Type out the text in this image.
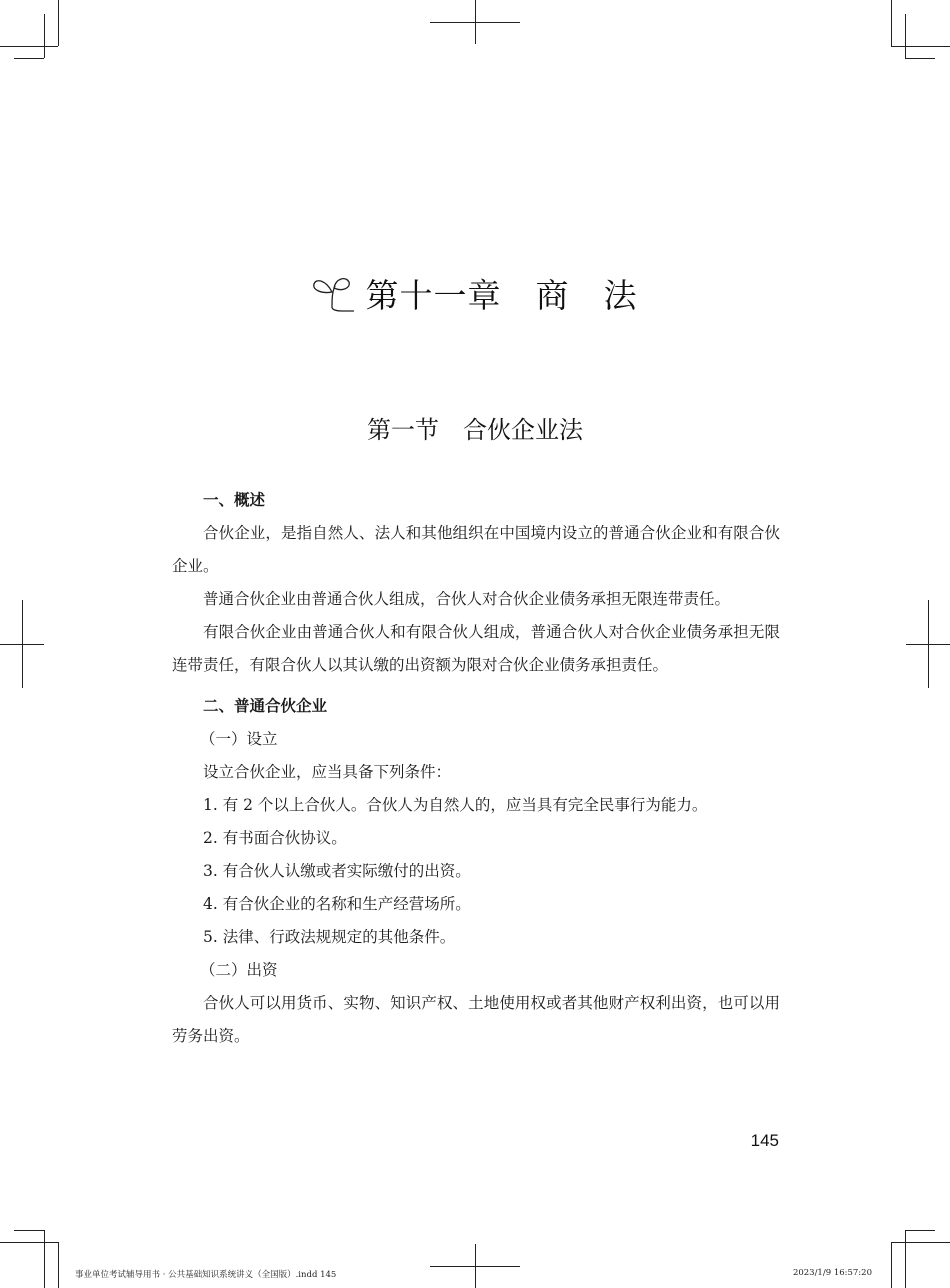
第十一章　商　法
第一节　合伙企业法

一、概述

合伙企业，是指自然人、法人和其他组织在中国境内设立的普通合伙企业和有限合伙企业。

普通合伙企业由普通合伙人组成，合伙人对合伙企业债务承担无限连带责任。

有限合伙企业由普通合伙人和有限合伙人组成，普通合伙人对合伙企业债务承担无限连带责任，有限合伙人以其认缴的出资额为限对合伙企业债务承担责任。

二、普通合伙企业

（一）设立

设立合伙企业，应当具备下列条件：

1. 有 2 个以上合伙人。合伙人为自然人的，应当具有完全民事行为能力。

2. 有书面合伙协议。

3. 有合伙人认缴或者实际缴付的出资。

4. 有合伙企业的名称和生产经营场所。

5. 法律、行政法规规定的其他条件。

（二）出资

合伙人可以用货币、实物、知识产权、土地使用权或者其他财产权利出资，也可以用劳务出资。

145
事业单位考试辅导用书 · 公共基础知识系统讲义（全国版）.indd 145	2023/1/9 16:57:20
